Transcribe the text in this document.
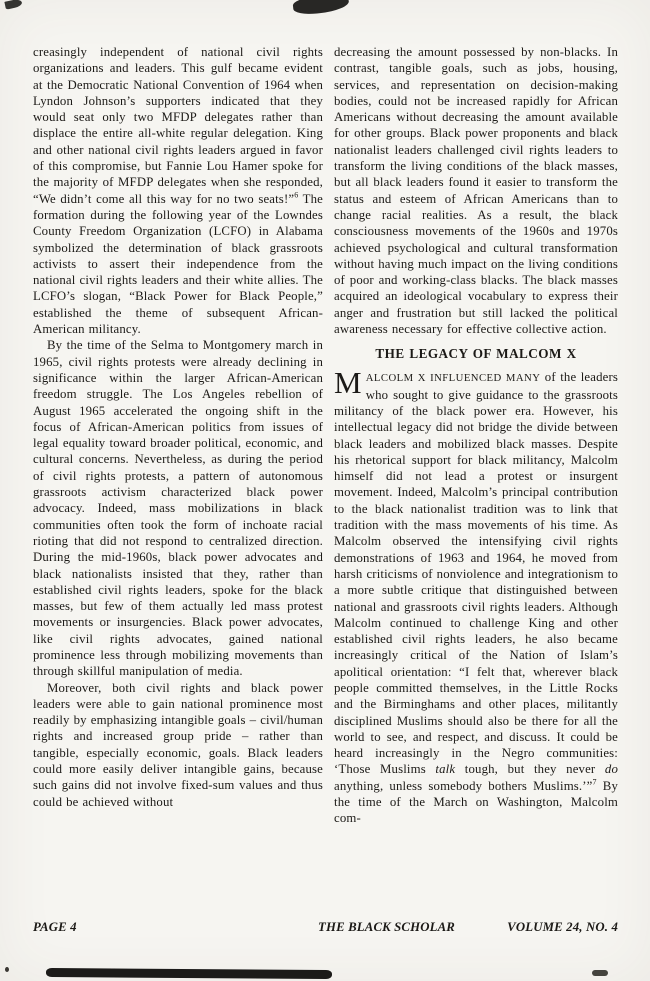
creasingly independent of national civil rights organizations and leaders. This gulf became evident at the Democratic National Convention of 1964 when Lyndon Johnson’s supporters indicated that they would seat only two MFDP delegates rather than displace the entire all-white regular delegation. King and other national civil rights leaders argued in favor of this compromise, but Fannie Lou Hamer spoke for the majority of MFDP delegates when she responded, “We didn’t come all this way for no two seats!”$^6$ The formation during the following year of the Lowndes County Freedom Organization (LCFO) in Alabama symbolized the determination of black grassroots activists to assert their independence from the national civil rights leaders and their white allies. The LCFO’s slogan, “Black Power for Black People,” established the theme of subsequent African-American militancy.

By the time of the Selma to Montgomery march in 1965, civil rights protests were already declining in significance within the larger African-American freedom struggle. The Los Angeles rebellion of August 1965 accelerated the ongoing shift in the focus of African-American politics from issues of legal equality toward broader political, economic, and cultural concerns. Nevertheless, as during the period of civil rights protests, a pattern of autonomous grassroots activism characterized black power advocacy. Indeed, mass mobilizations in black communities often took the form of inchoate racial rioting that did not respond to centralized direction. During the mid-1960s, black power advocates and black nationalists insisted that they, rather than established civil rights leaders, spoke for the black masses, but few of them actually led mass protest movements or insurgencies. Black power advocates, like civil rights advocates, gained national prominence less through mobilizing movements than through skillful manipulation of media.

Moreover, both civil rights and black power leaders were able to gain national prominence most readily by emphasizing intangible goals – civil/human rights and increased group pride – rather than tangible, especially economic, goals. Black leaders could more easily deliver intangible gains, because such gains did not involve fixed-sum values and thus could be achieved without

decreasing the amount possessed by non-blacks. In contrast, tangible goals, such as jobs, housing, services, and representation on decision-making bodies, could not be increased rapidly for African Americans without decreasing the amount available for other groups. Black power proponents and black nationalist leaders challenged civil rights leaders to transform the living conditions of the black masses, but all black leaders found it easier to transform the status and esteem of African Americans than to change racial realities. As a result, the black consciousness movements of the 1960s and 1970s achieved psychological and cultural transformation without having much impact on the living conditions of poor and working-class blacks. The black masses acquired an ideological vocabulary to express their anger and frustration but still lacked the political awareness necessary for effective collective action.

THE LEGACY OF MALCOM X

MALCOLM X INFLUENCED MANY of the leaders who sought to give guidance to the grassroots militancy of the black power era. However, his intellectual legacy did not bridge the divide between black leaders and mobilized black masses. Despite his rhetorical support for black militancy, Malcolm himself did not lead a protest or insurgent movement. Indeed, Malcolm’s principal contribution to the black nationalist tradition was to link that tradition with the mass movements of his time. As Malcolm observed the intensifying civil rights demonstrations of 1963 and 1964, he moved from harsh criticisms of nonviolence and integrationism to a more subtle critique that distinguished between national and grassroots civil rights leaders. Although Malcolm continued to challenge King and other established civil rights leaders, he also became increasingly critical of the Nation of Islam’s apolitical orientation: “I felt that, wherever black people committed themselves, in the Little Rocks and the Birminghams and other places, militantly disciplined Muslims should also be there for all the world to see, and respect, and discuss. It could be heard increasingly in the Negro communities: ‘Those Muslims talk tough, but they never do anything, unless somebody bothers Muslims.’”$^7$ By the time of the March on Washington, Malcolm com-

PAGE 4	THE BLACK SCHOLAR	VOLUME 24, NO. 4
